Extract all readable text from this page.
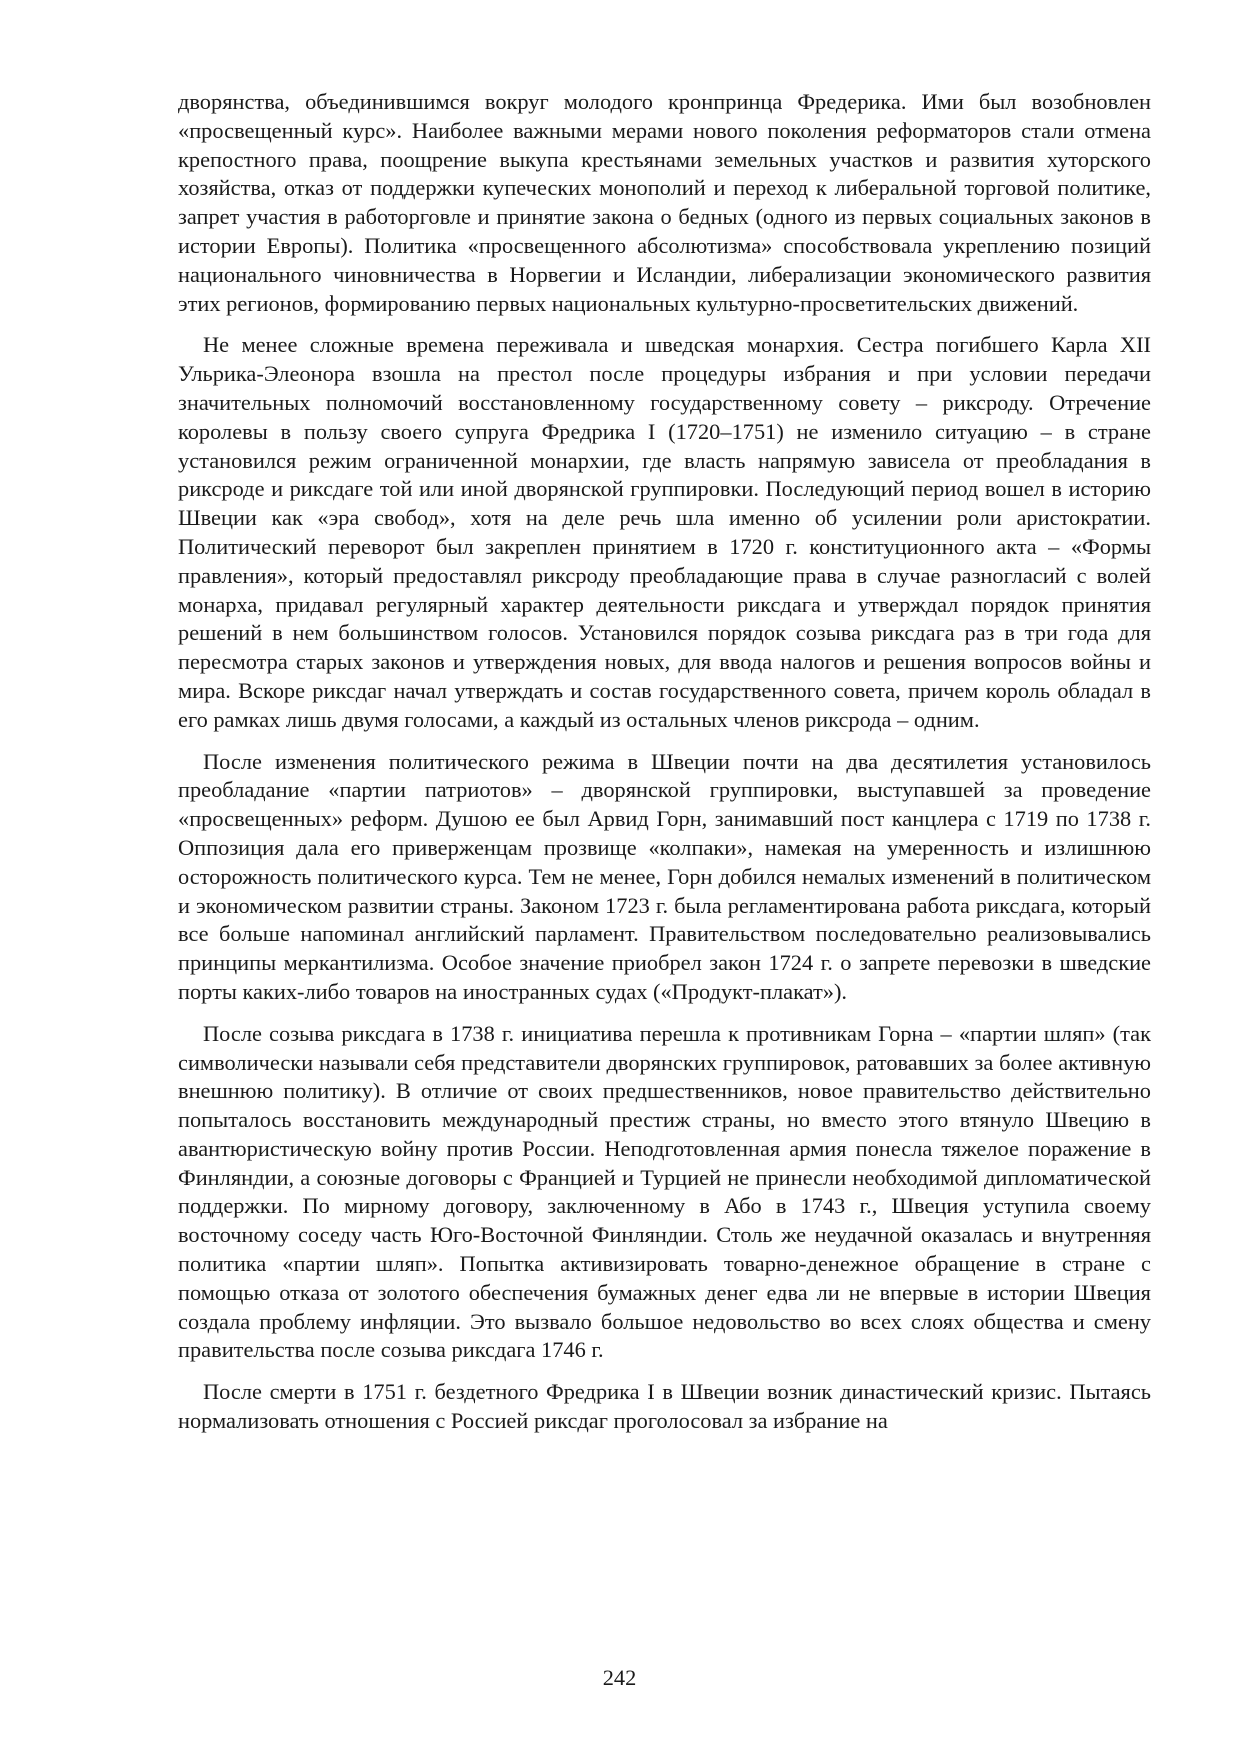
дворянства, объединившимся вокруг молодого кронпринца Фредерика. Ими был возобновлен «просвещенный курс». Наиболее важными мерами нового поколения реформаторов стали отмена крепостного права, поощрение выкупа крестьянами земельных участков и развития хуторского хозяйства, отказ от поддержки купеческих монополий и переход к либеральной торговой политике, запрет участия в работорговле и принятие закона о бедных (одного из первых социальных законов в истории Европы). Политика «просвещенного абсолютизма» способствовала укреплению позиций национального чиновничества в Норвегии и Исландии, либерализации экономического развития этих регионов, формированию первых национальных культурно-просветительских движений.

Не менее сложные времена переживала и шведская монархия. Сестра погибшего Карла XII Ульрика-Элеонора взошла на престол после процедуры избрания и при условии передачи значительных полномочий восстановленному государственному совету – риксроду. Отречение королевы в пользу своего супруга Фредрика I (1720–1751) не изменило ситуацию – в стране установился режим ограниченной монархии, где власть напрямую зависела от преобладания в риксроде и риксдаге той или иной дворянской группировки. Последующий период вошел в историю Швеции как «эра свобод», хотя на деле речь шла именно об усилении роли аристократии. Политический переворот был закреплен принятием в 1720 г. конституционного акта – «Формы правления», который предоставлял риксроду преобладающие права в случае разногласий с волей монарха, придавал регулярный характер деятельности риксдага и утверждал порядок принятия решений в нем большинством голосов. Установился порядок созыва риксдага раз в три года для пересмотра старых законов и утверждения новых, для ввода налогов и решения вопросов войны и мира. Вскоре риксдаг начал утверждать и состав государственного совета, причем король обладал в его рамках лишь двумя голосами, а каждый из остальных членов риксрода – одним.

После изменения политического режима в Швеции почти на два десятилетия установилось преобладание «партии патриотов» – дворянской группировки, выступавшей за проведение «просвещенных» реформ. Душою ее был Арвид Горн, занимавший пост канцлера с 1719 по 1738 г. Оппозиция дала его приверженцам прозвище «колпаки», намекая на умеренность и излишнюю осторожность политического курса. Тем не менее, Горн добился немалых изменений в политическом и экономическом развитии страны. Законом 1723 г. была регламентирована работа риксдага, который все больше напоминал английский парламент. Правительством последовательно реализовывались принципы меркантилизма. Особое значение приобрел закон 1724 г. о запрете перевозки в шведские порты каких-либо товаров на иностранных судах («Продукт-плакат»).

После созыва риксдага в 1738 г. инициатива перешла к противникам Горна – «партии шляп» (так символически называли себя представители дворянских группировок, ратовавших за более активную внешнюю политику). В отличие от своих предшественников, новое правительство действительно попыталось восстановить международный престиж страны, но вместо этого втянуло Швецию в авантюристическую войну против России. Неподготовленная армия понесла тяжелое поражение в Финляндии, а союзные договоры с Францией и Турцией не принесли необходимой дипломатической поддержки. По мирному договору, заключенному в Або в 1743 г., Швеция уступила своему восточному соседу часть Юго-Восточной Финляндии. Столь же неудачной оказалась и внутренняя политика «партии шляп». Попытка активизировать товарно-денежное обращение в стране с помощью отказа от золотого обеспечения бумажных денег едва ли не впервые в истории Швеция создала проблему инфляции. Это вызвало большое недовольство во всех слоях общества и смену правительства после созыва риксдага 1746 г.

После смерти в 1751 г. бездетного Фредрика I в Швеции возник династический кризис. Пытаясь нормализовать отношения с Россией риксдаг проголосовал за избрание на

242
